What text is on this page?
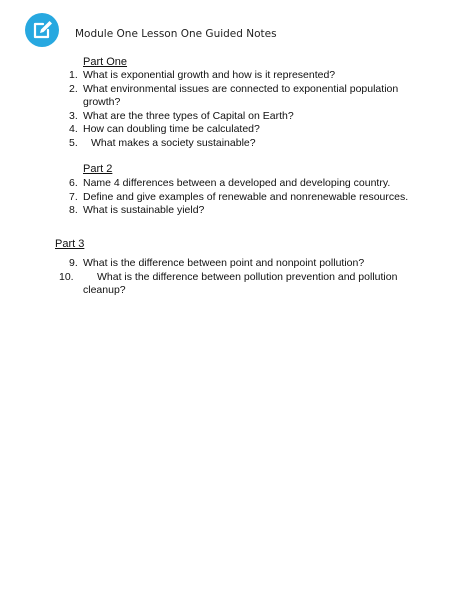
Module One Lesson One Guided Notes
Part One
1. What is exponential growth and how is it represented?
2. What environmental issues are connected to exponential population growth?
3. What are the three types of Capital on Earth?
4. How can doubling time be calculated?
5. What makes a society sustainable?
Part 2
6. Name 4 differences between a developed and developing country.
7. Define and give examples of renewable and nonrenewable resources.
8. What is sustainable yield?
Part 3
9. What is the difference between point and nonpoint pollution?
10. What is the difference between pollution prevention and pollution cleanup?
